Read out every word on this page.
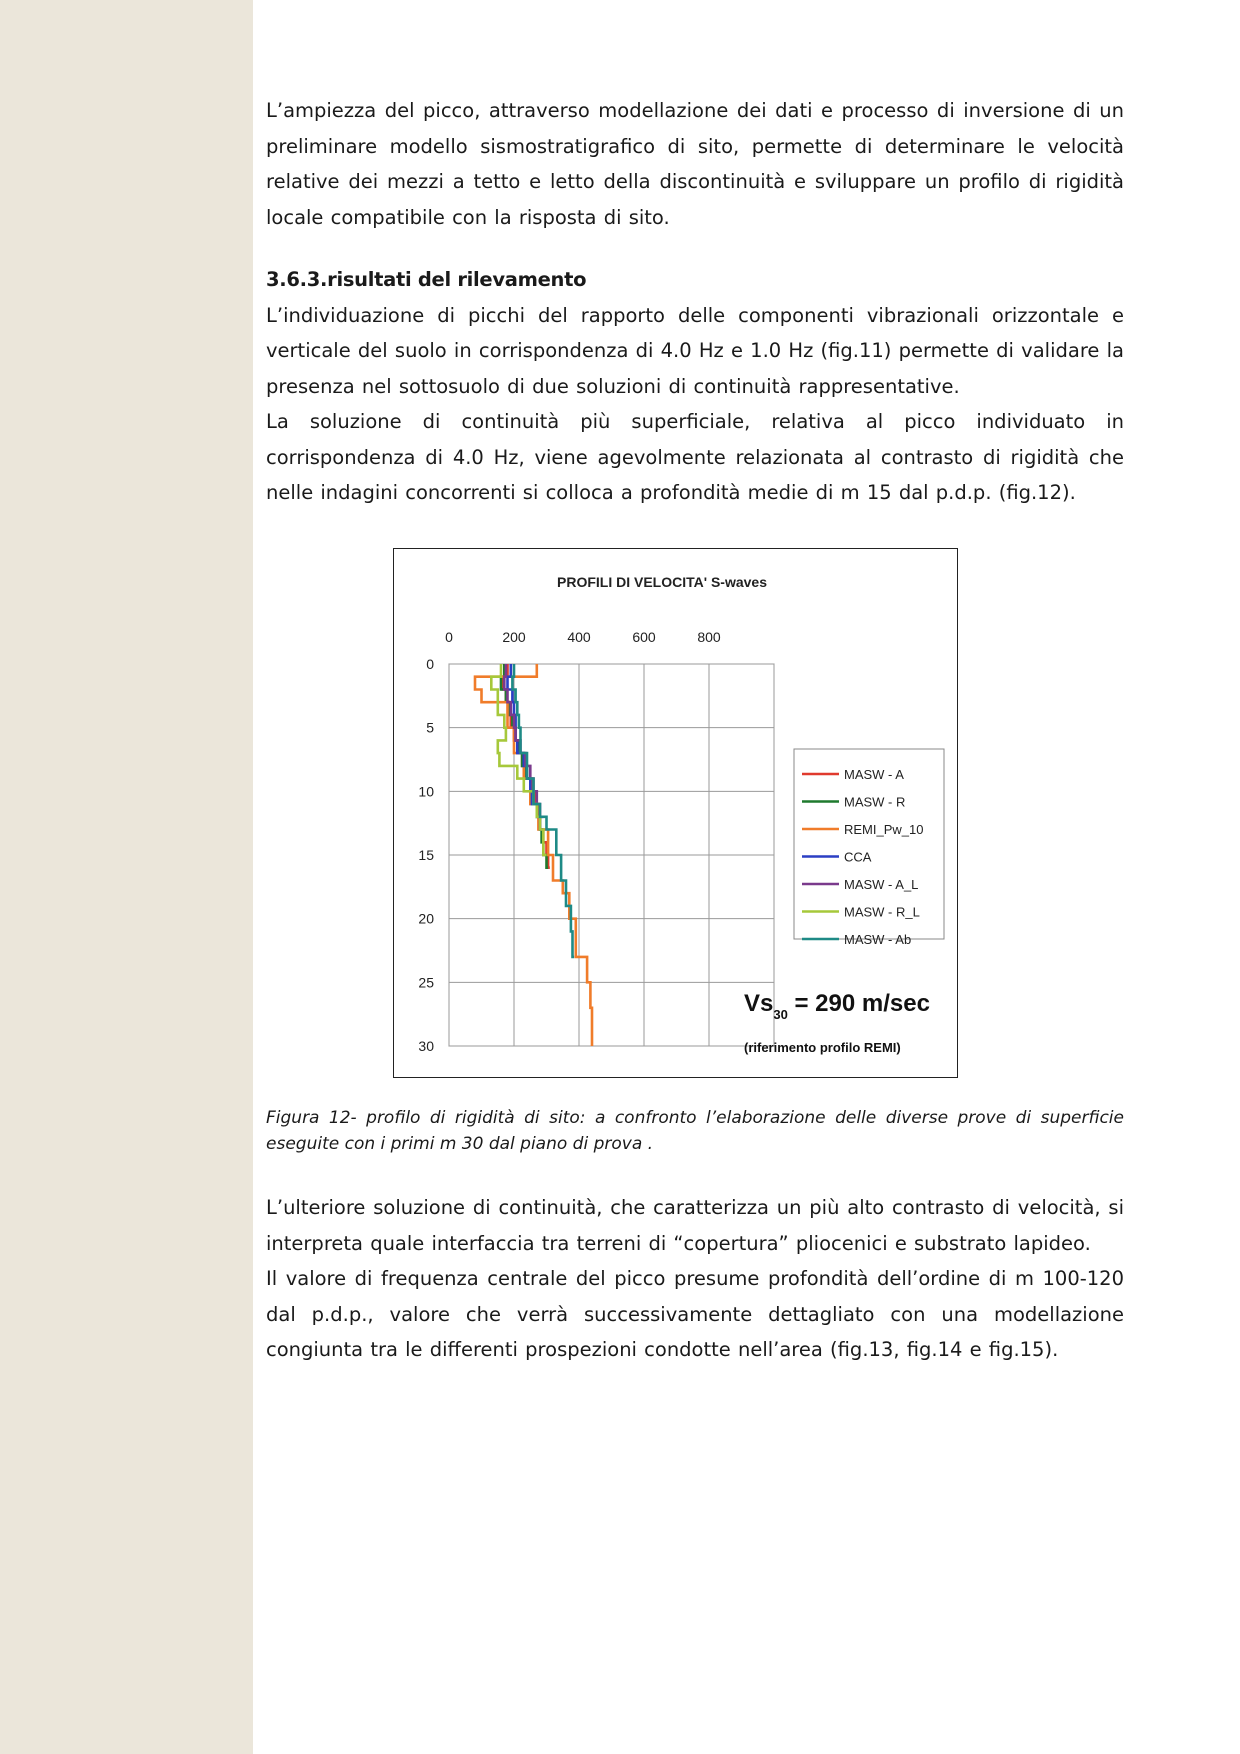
L’ampiezza del picco, attraverso modellazione dei dati e processo di inversione di un preliminare modello sismostratigrafico di sito, permette di determinare le velocità relative dei mezzi a tetto e letto della discontinuità e sviluppare un profilo di rigidità locale compatibile con la risposta di sito.

3.6.3.risultati del rilevamento

L’individuazione di picchi del rapporto delle componenti vibrazionali orizzontale e verticale del suolo in corrispondenza di 4.0 Hz e 1.0 Hz (fig.11) permette di validare la presenza nel sottosuolo di due soluzioni di continuità rappresentative.

La soluzione di continuità più superficiale, relativa al picco individuato in corrispondenza di 4.0 Hz, viene agevolmente relazionata al contrasto di rigidità che nelle indagini concorrenti si colloca a profondità medie di m 15 dal p.d.p. (fig.12).

PROFILI DI VELOCITA' S-waves
0	200	400	600	800
0
5
10
15
20
25
30
MASW - A
MASW - R
REMI_Pw_10
CCA
MASW - A_L
MASW - R_L
MASW - Ab
$Vs_{30} = 290$ m/sec
(riferimento profilo REMI)

Figura 12- profilo di rigidità di sito: a confronto l’elaborazione delle diverse prove di superficie eseguite con i primi m 30 dal piano di prova .

L’ulteriore soluzione di continuità, che caratterizza un più alto contrasto di velocità, si interpreta quale interfaccia tra terreni di “copertura” pliocenici e substrato lapideo.

Il valore di frequenza centrale del picco presume profondità dell’ordine di m 100-120 dal p.d.p., valore che verrà successivamente dettagliato con una modellazione congiunta tra le differenti prospezioni condotte nell’area (fig.13, fig.14 e fig.15).
